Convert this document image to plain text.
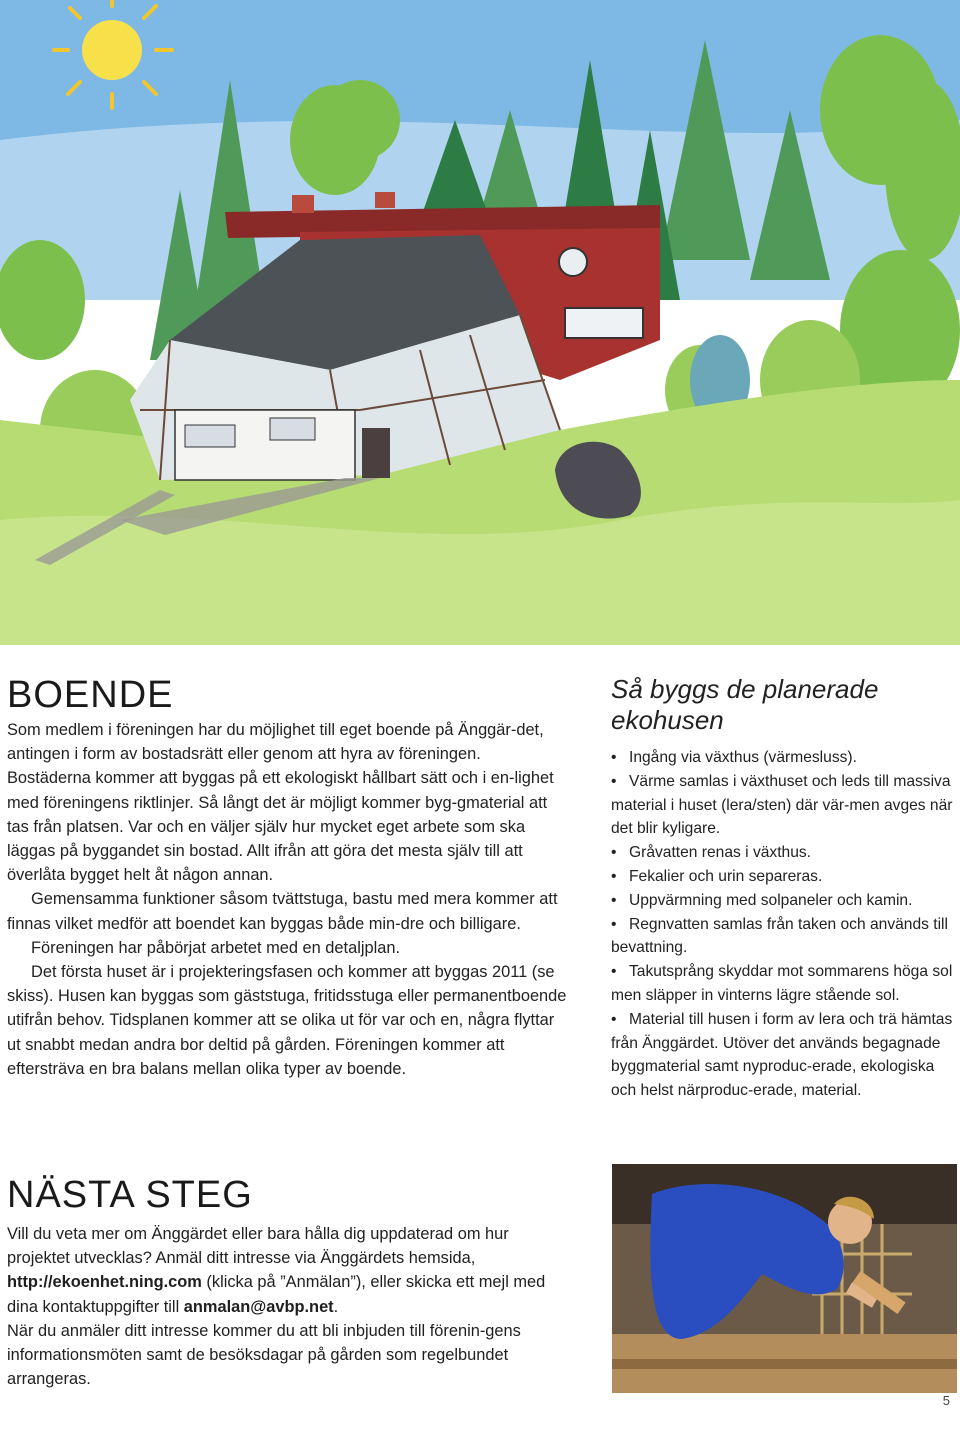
BOENDE

Som medlem i föreningen har du möjlighet till eget boende på Änggär-det, antingen i form av bostadsrätt eller genom att hyra av föreningen. Bostäderna kommer att byggas på ett ekologiskt hållbart sätt och i en-lighet med föreningens riktlinjer. Så långt det är möjligt kommer byg-gmaterial att tas från platsen. Var och en väljer själv hur mycket eget arbete som ska läggas på byggandet sin bostad. Allt ifrån att göra det mesta själv till att överlåta bygget helt åt någon annan.

Gemensamma funktioner såsom tvättstuga, bastu med mera kommer att finnas vilket medför att boendet kan byggas både min-dre och billigare.

Föreningen har påbörjat arbetet med en detaljplan.

Det första huset är i projekteringsfasen och kommer att byggas 2011 (se skiss). Husen kan byggas som gäststuga, fritidsstuga eller permanentboende utifrån behov. Tidsplanen kommer att se olika ut för var och en, några flyttar ut snabbt medan andra bor deltid på gården. Föreningen kommer att eftersträva en bra balans mellan olika typer av boende.

NÄSTA STEG

Vill du veta mer om Änggärdet eller bara hålla dig uppdaterad om hur projektet utvecklas? Anmäl ditt intresse via Änggärdets hemsida, http://ekoenhet.ning.com (klicka på ”Anmälan”), eller skicka ett mejl med dina kontaktuppgifter till anmalan@avbp.net.

När du anmäler ditt intresse kommer du att bli inbjuden till förenin-gens informationsmöten samt de besöksdagar på gården som regelbundet arrangeras.

Så byggs de planerade ekohusen
• Ingång via växthus (värmesluss).
• Värme samlas i växthuset och leds till massiva material i huset (lera/sten) där vär-men avges när det blir kyligare.
• Gråvatten renas i växthus.
• Fekalier och urin separeras.
• Uppvärmning med solpaneler och kamin.
• Regnvatten samlas från taken och används till bevattning.
• Takutsprång skyddar mot sommarens höga sol men släpper in vinterns lägre stående sol.
• Material till husen i form av lera och trä hämtas från Änggärdet. Utöver det används begagnade byggmaterial samt nyproduc-erade, ekologiska och helst närproduc-erade, material.
5
